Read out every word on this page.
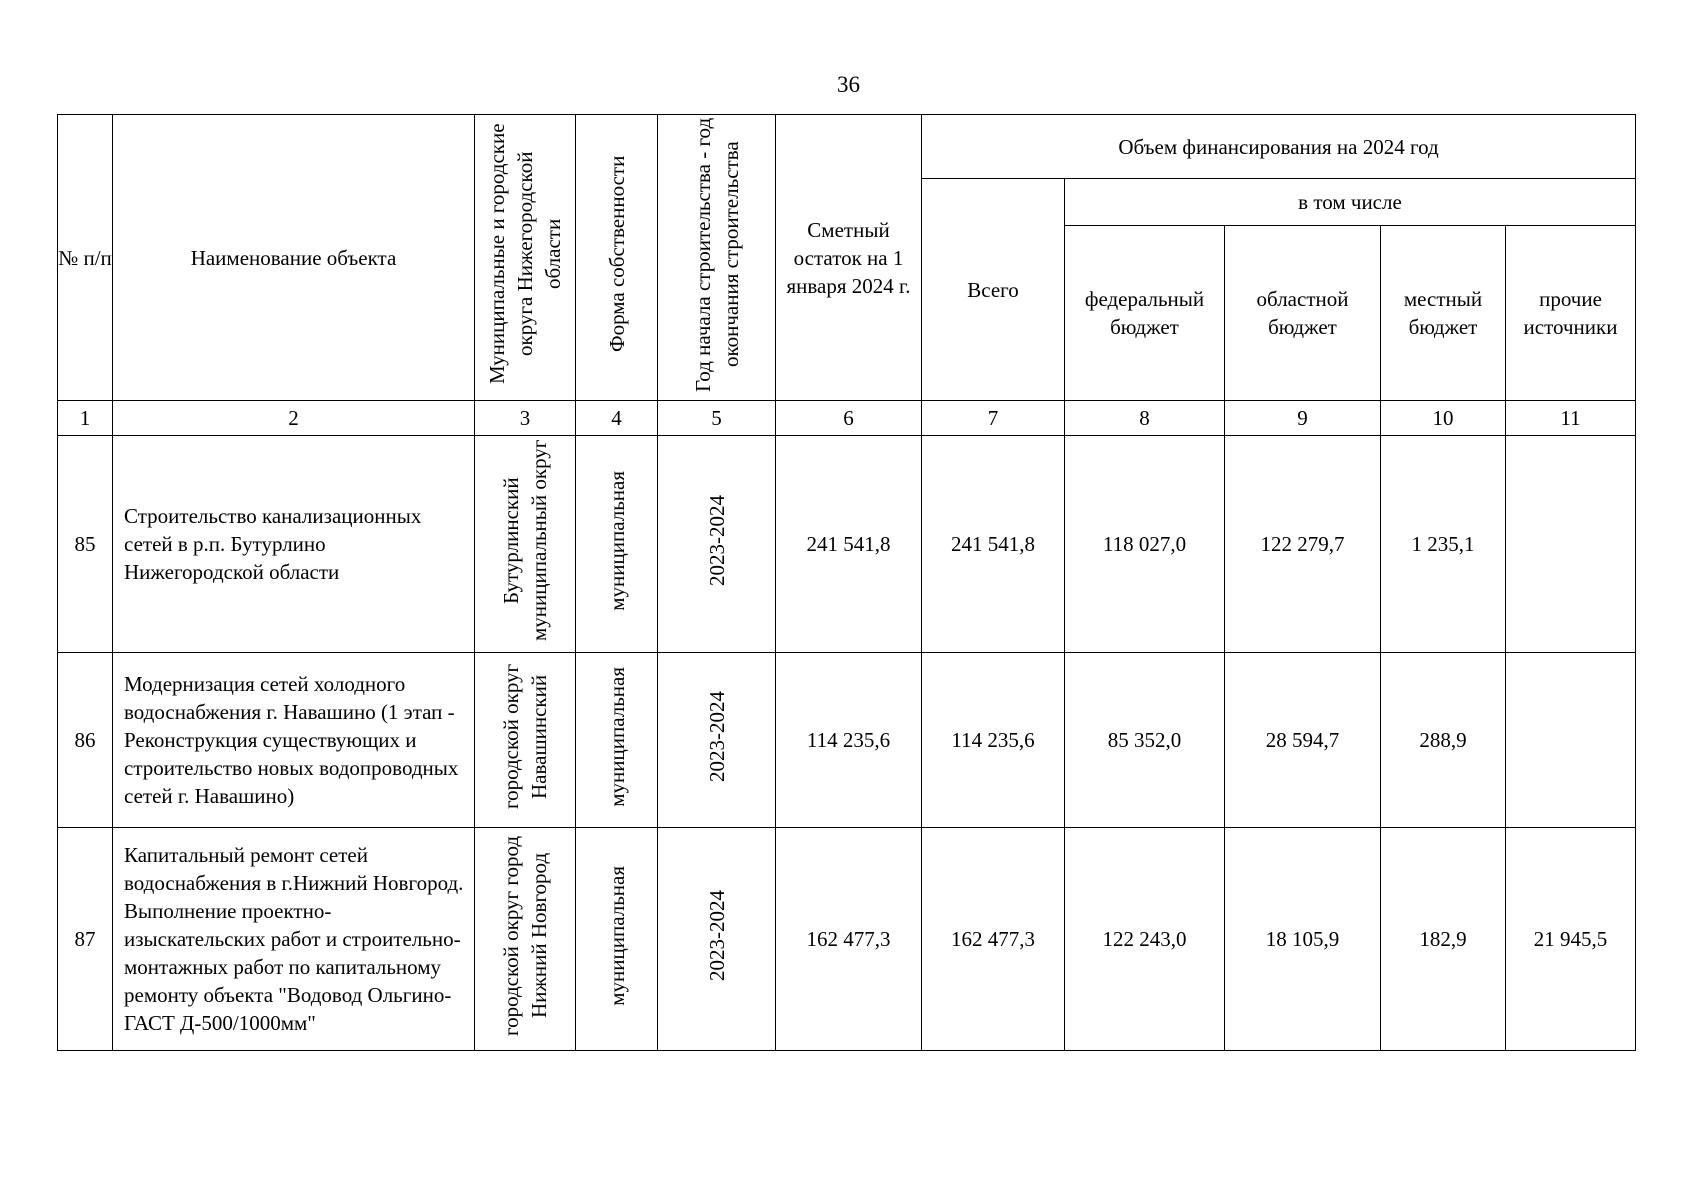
36
№ п/п	Наименование объекта	Муниципальные и городские округа Нижегородской области	Форма собственности	Год начала строительства - год окончания строительства	Сметный остаток на 1 января 2024 г.	Объем финансирования на 2024 год				
						Всего	в том числе			
							федеральный бюджет	областной бюджет	местный бюджет	прочие источники
1	2	3	4	5	6	7	8	9	10	11
85	Строительство канализационных сетей в р.п. Бутурлино Нижегородской области	Бутурлинский муниципальный округ	муниципальная	2023-2024	241 541,8	241 541,8	118 027,0	122 279,7	1 235,1	
86	Модернизация сетей холодного водоснабжения г. Навашино (1 этап - Реконструкция существующих и строительство новых водопроводных сетей г. Навашино)	городской округ Навашинский	муниципальная	2023-2024	114 235,6	114 235,6	85 352,0	28 594,7	288,9	
87	Капитальный ремонт сетей водоснабжения в г.Нижний Новгород. Выполнение проектно-изыскательских работ и строительно-монтажных работ по капитальному ремонту объекта "Водовод Ольгино-ГАСТ Д-500/1000мм"	городской округ город Нижний Новгород	муниципальная	2023-2024	162 477,3	162 477,3	122 243,0	18 105,9	182,9	21 945,5
